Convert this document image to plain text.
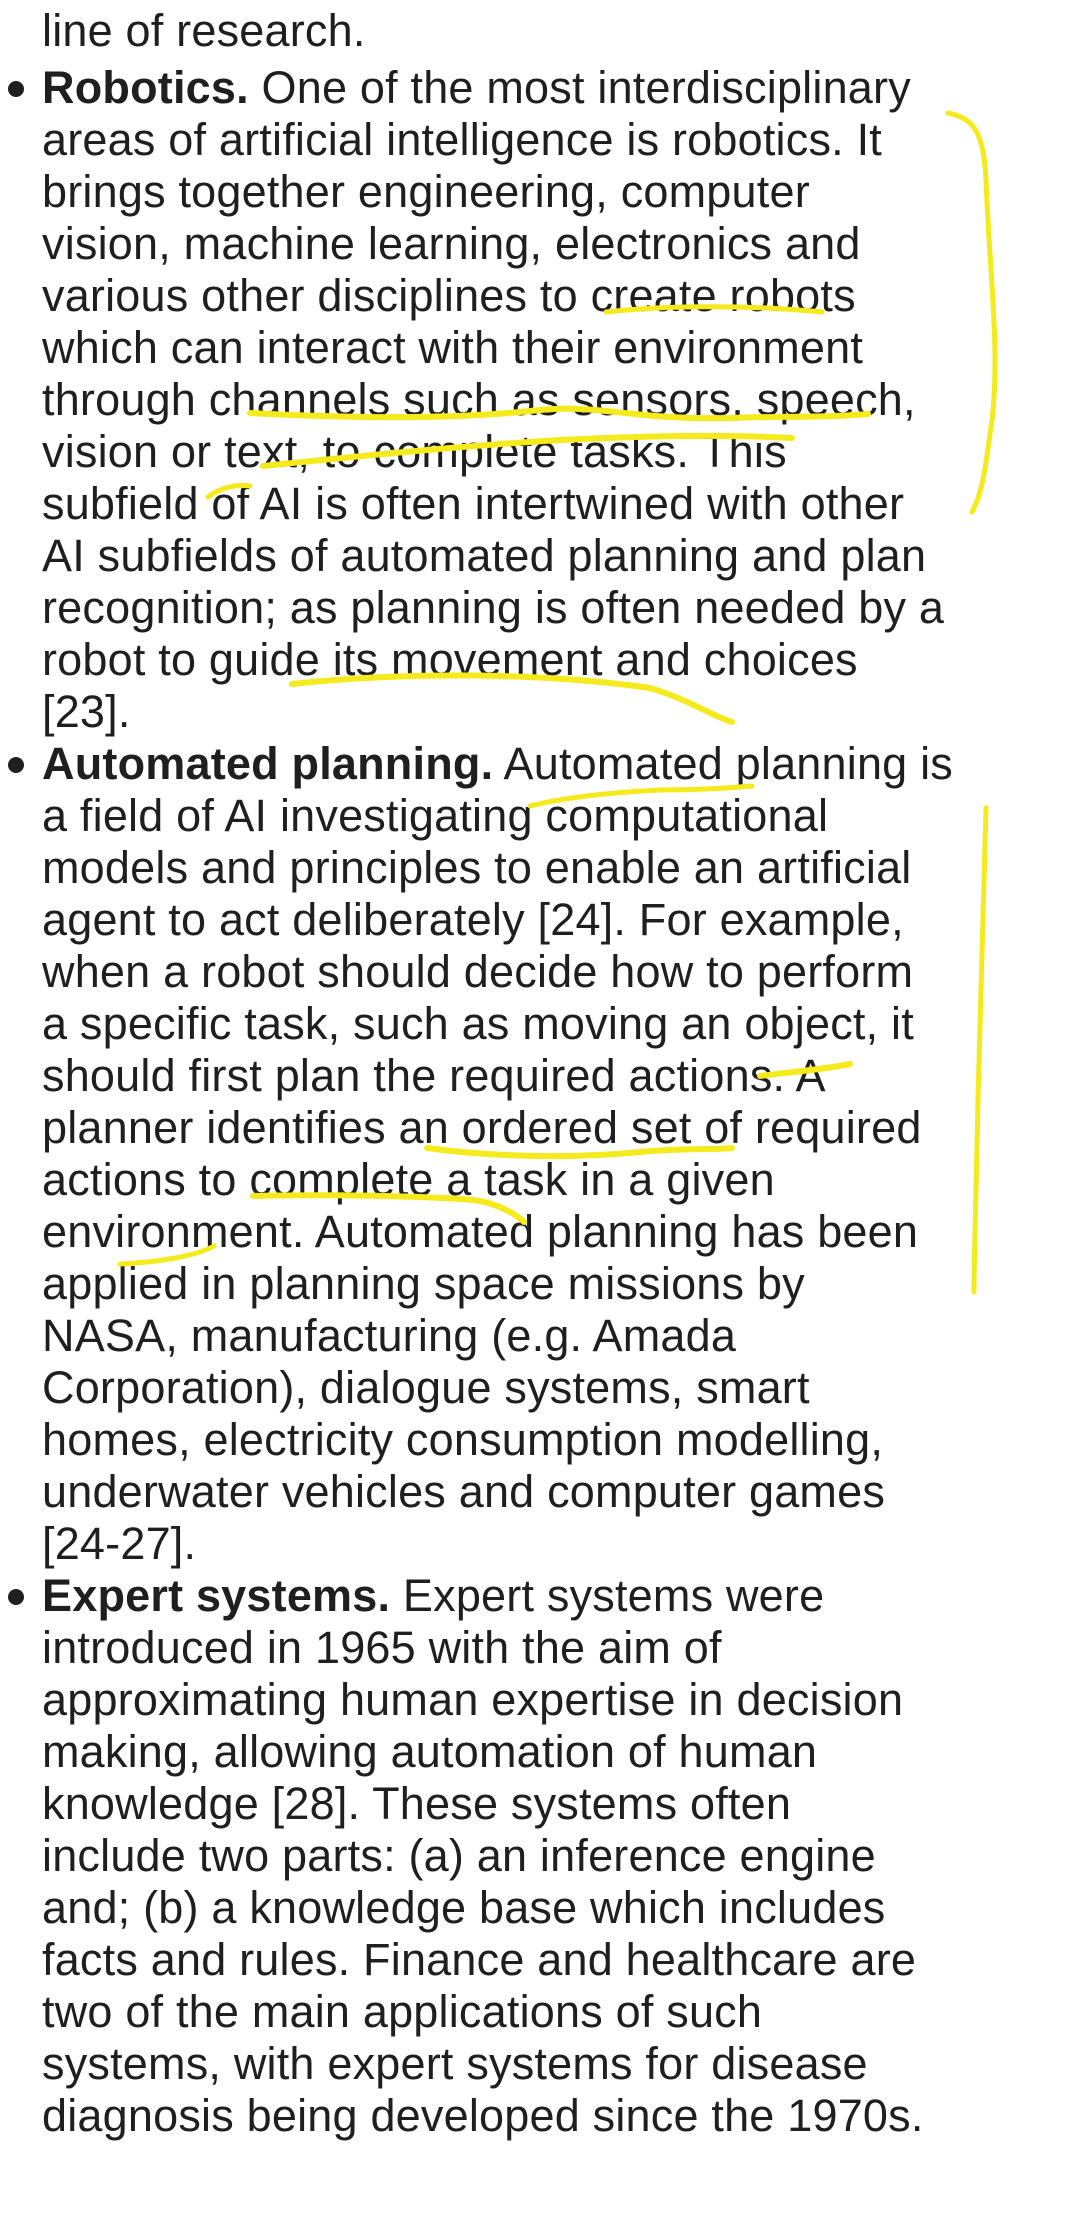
line of research.
Robotics. One of the most interdisciplinary
areas of artificial intelligence is robotics. It
brings together engineering, computer
vision, machine learning, electronics and
various other disciplines to create robots
which can interact with their environment
through channels such as sensors, speech,
vision or text, to complete tasks. This
subfield of AI is often intertwined with other
AI subfields of automated planning and plan
recognition; as planning is often needed by a
robot to guide its movement and choices
[23].
Automated planning. Automated planning is
a field of AI investigating computational
models and principles to enable an artificial
agent to act deliberately [24]. For example,
when a robot should decide how to perform
a specific task, such as moving an object, it
should first plan the required actions. A
planner identifies an ordered set of required
actions to complete a task in a given
environment. Automated planning has been
applied in planning space missions by
NASA, manufacturing (e.g. Amada
Corporation), dialogue systems, smart
homes, electricity consumption modelling,
underwater vehicles and computer games
[24-27].
Expert systems. Expert systems were
introduced in 1965 with the aim of
approximating human expertise in decision
making, allowing automation of human
knowledge [28]. These systems often
include two parts: (a) an inference engine
and; (b) a knowledge base which includes
facts and rules. Finance and healthcare are
two of the main applications of such
systems, with expert systems for disease
diagnosis being developed since the 1970s.
